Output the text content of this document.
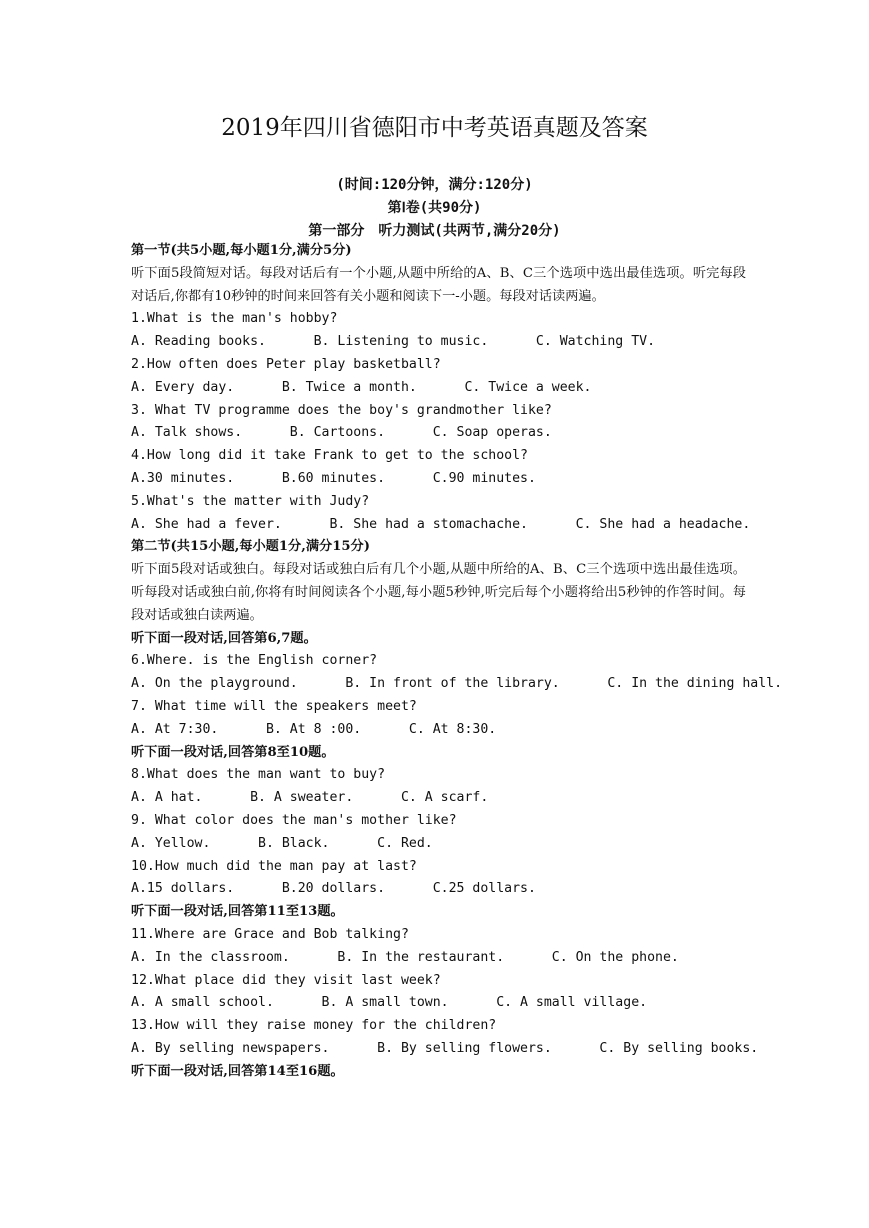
2019年四川省德阳市中考英语真题及答案
(时间:120分钟，满分:120分)
第Ⅰ卷(共90分)
第一部分　听力测试(共两节,满分20分)
第一节(共5小题,每小题1分,满分5分)
听下面5段简短对话。每段对话后有一个小题,从题中所给的A、B、C三个选项中选出最佳选项。听完每段对话后,你都有10秒钟的时间来回答有关小题和阅读下一-小题。每段对话读两遍。
1.What is the man's hobby?
A. Reading books.      B. Listening to music.      C. Watching TV.
2.How often does Peter play basketball?
A. Every day.      B. Twice a month.      C. Twice a week.
3. What TV programme does the boy's grandmother like?
A. Talk shows.      B. Cartoons.      C. Soap operas.
4.How long did it take Frank to get to the school?
A.30 minutes.      B.60 minutes.      C.90 minutes.
5.What's the matter with Judy?
A. She had a fever.      B. She had a stomachache.      C. She had a headache.
第二节(共15小题,每小题1分,满分15分)
听下面5段对话或独白。每段对话或独白后有几个小题,从题中所给的A、B、C三个选项中选出最佳选项。听每段对话或独白前,你将有时间阅读各个小题,每小题5秒钟,听完后每个小题将给出5秒钟的作答时间。每段对话或独白读两遍。
听下面一段对话,回答第6,7题。
6.Where. is the English corner?
A. On the playground.      B. In front of the library.      C. In the dining hall.
7. What time will the speakers meet?
A. At 7:30.      B. At 8 :00.      C. At 8:30.
听下面一段对话,回答第8至10题。
8.What does the man want to buy?
A. A hat.      B. A sweater.      C. A scarf.
9. What color does the man's mother like?
A. Yellow.      B. Black.      C. Red.
10.How much did the man pay at last?
A.15 dollars.      B.20 dollars.      C.25 dollars.
听下面一段对话,回答第11至13题。
11.Where are Grace and Bob talking?
A. In the classroom.      B. In the restaurant.      C. On the phone.
12.What place did they visit last week?
A. A small school.      B. A small town.      C. A small village.
13.How will they raise money for the children?
A. By selling newspapers.      B. By selling flowers.      C. By selling books.
听下面一段对话,回答第14至16题。
